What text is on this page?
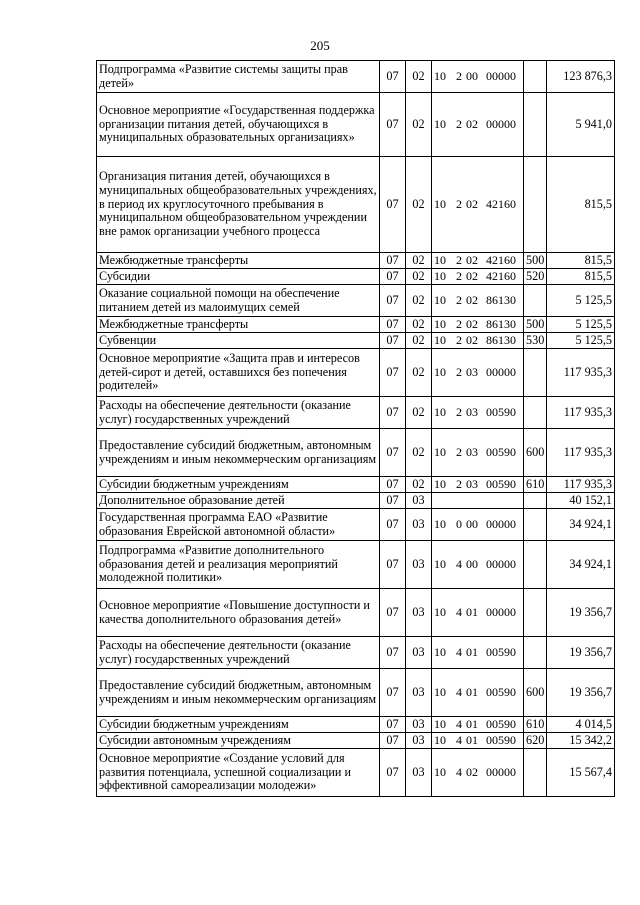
205
Подпрограмма «Развитие системы защиты прав детей»	07	02	10 2 00 00000		123 876,3
Основное мероприятие «Государственная поддержка организации питания детей, обучающихся в муниципальных образовательных организациях»	07	02	10 2 02 00000		5 941,0
Организация питания детей, обучающихся в муниципальных общеобразовательных учреждениях, в период их круглосуточного пребывания в муниципальном общеобразовательном учреждении вне рамок организации учебного процесса	07	02	10 2 02 42160		815,5
Межбюджетные трансферты	07	02	10 2 02 42160	500	815,5
Субсидии	07	02	10 2 02 42160	520	815,5
Оказание социальной помощи на обеспечение питанием детей из малоимущих семей	07	02	10 2 02 86130		5 125,5
Межбюджетные трансферты	07	02	10 2 02 86130	500	5 125,5
Субвенции	07	02	10 2 02 86130	530	5 125,5
Основное мероприятие «Защита прав и интересов детей-сирот и детей, оставшихся без попечения родителей»	07	02	10 2 03 00000		117 935,3
Расходы на обеспечение деятельности (оказание услуг) государственных учреждений	07	02	10 2 03 00590		117 935,3
Предоставление субсидий бюджетным, автономным учреждениям и иным некоммерческим организациям	07	02	10 2 03 00590	600	117 935,3
Субсидии бюджетным учреждениям	07	02	10 2 03 00590	610	117 935,3
Дополнительное образование детей	07	03			40 152,1
Государственная программа ЕАО «Развитие образования Еврейской автономной области»	07	03	10 0 00 00000		34 924,1
Подпрограмма «Развитие дополнительного образования детей и реализация мероприятий молодежной политики»	07	03	10 4 00 00000		34 924,1
Основное мероприятие «Повышение доступности и качества дополнительного образования детей»	07	03	10 4 01 00000		19 356,7
Расходы на обеспечение деятельности (оказание услуг) государственных учреждений	07	03	10 4 01 00590		19 356,7
Предоставление субсидий бюджетным, автономным учреждениям и иным некоммерческим организациям	07	03	10 4 01 00590	600	19 356,7
Субсидии бюджетным учреждениям	07	03	10 4 01 00590	610	4 014,5
Субсидии автономным учреждениям	07	03	10 4 01 00590	620	15 342,2
Основное мероприятие «Создание условий для развития потенциала, успешной социализации и эффективной самореализации молодежи»	07	03	10 4 02 00000		15 567,4
